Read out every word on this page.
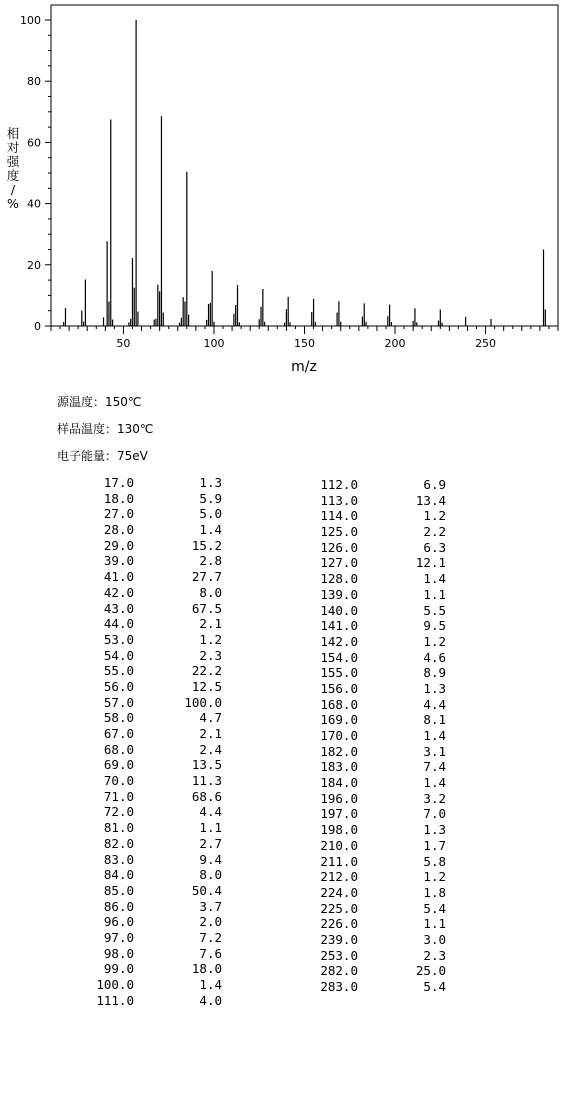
0
20
40
60
80
100
50	100	150	200	250
相对强度/ %
m/z
源温度：150℃
样品温度：130℃
电子能量：75eV
17.0	1.3
18.0	5.9
27.0	5.0
28.0	1.4
29.0	15.2
39.0	2.8
41.0	27.7
42.0	8.0
43.0	67.5
44.0	2.1
53.0	1.2
54.0	2.3
55.0	22.2
56.0	12.5
57.0	100.0
58.0	4.7
67.0	2.1
68.0	2.4
69.0	13.5
70.0	11.3
71.0	68.6
72.0	4.4
81.0	1.1
82.0	2.7
83.0	9.4
84.0	8.0
85.0	50.4
86.0	3.7
96.0	2.0
97.0	7.2
98.0	7.6
99.0	18.0
100.0	1.4
111.0	4.0
112.0	6.9
113.0	13.4
114.0	1.2
125.0	2.2
126.0	6.3
127.0	12.1
128.0	1.4
139.0	1.1
140.0	5.5
141.0	9.5
142.0	1.2
154.0	4.6
155.0	8.9
156.0	1.3
168.0	4.4
169.0	8.1
170.0	1.4
182.0	3.1
183.0	7.4
184.0	1.4
196.0	3.2
197.0	7.0
198.0	1.3
210.0	1.7
211.0	5.8
212.0	1.2
224.0	1.8
225.0	5.4
226.0	1.1
239.0	3.0
253.0	2.3
282.0	25.0
283.0	5.4
